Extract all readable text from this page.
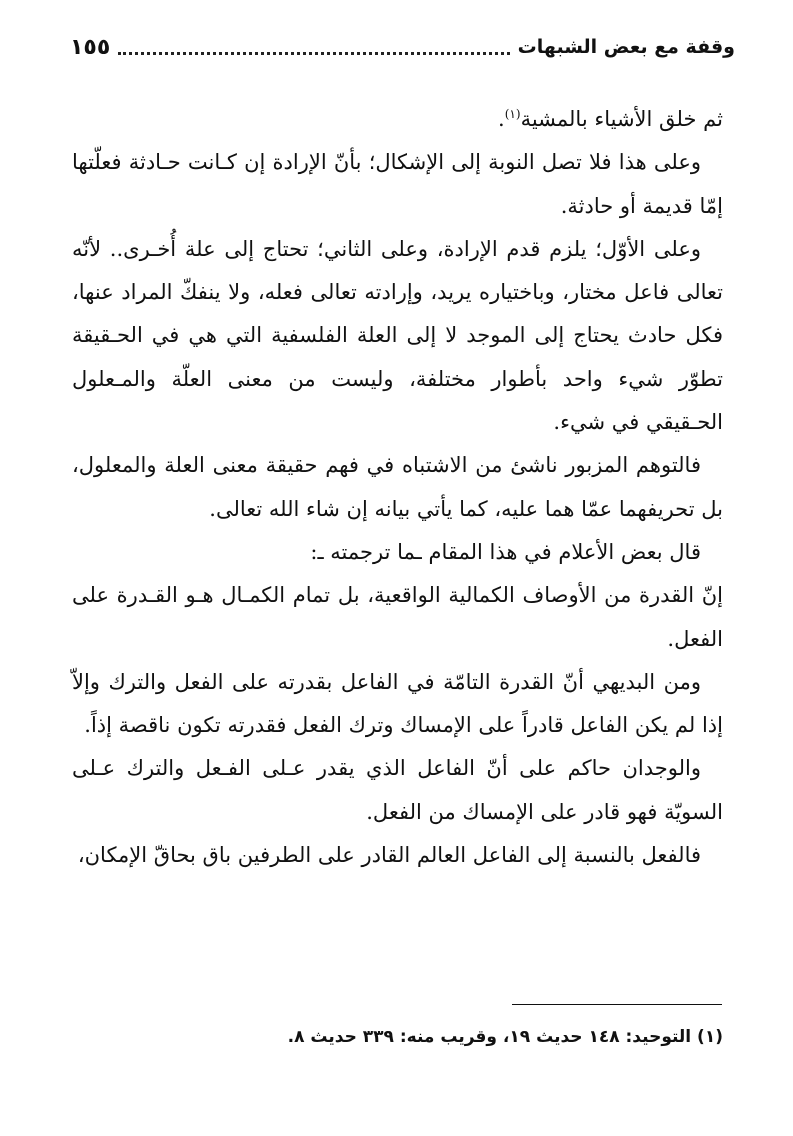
وقفة مع بعض الشبهات
١٥٥

ثم خلق الأشياء بالمشية$^{(١)}$.

وعلى هذا فلا تصل النوبة إلى الإشكال؛ بأنّ الإرادة إن كـانت حـادثة فعلّتها إمّا قديمة أو حادثة.

وعلى الأوّل؛ يلزم قدم الإرادة، وعلى الثاني؛ تحتاج إلى علة أُخـرى.. لأنّه تعالى فاعل مختار، وباختياره يريد، وإرادته تعالى فعله، ولا ينفكّ المراد عنها، فكل حادث يحتاج إلى الموجد لا إلى العلة الفلسفية التي هي في الحـقيقة تطوّر شيء واحد بأطوار مختلفة، وليست من معنى العلّة والمـعلول الحـقيقي في شيء.

فالتوهم المزبور ناشئ من الاشتباه في فهم حقيقة معنى العلة والمعلول، بل تحريفهما عمّا هما عليه، كما يأتي بيانه إن شاء الله تعالى.

قال بعض الأعلام في هذا المقام ـما ترجمته ـ:

إنّ القدرة من الأوصاف الكمالية الواقعية، بل تمام الكمـال هـو القـدرة على الفعل.

ومن البديهي أنّ القدرة التامّة في الفاعل بقدرته على الفعل والترك وإلاّ إذا لم يكن الفاعل قادراً على الإمساك وترك الفعل فقدرته تكون ناقصة إذاً.

والوجدان حاكم على أنّ الفاعل الذي يقدر عـلى الفـعل والترك عـلى السويّة فهو قادر على الإمساك من الفعل.

فالفعل بالنسبة إلى الفاعل العالم القادر على الطرفين باق بحاقّ الإمكان،

(١) التوحيد: ١٤٨ حديث ١٩، وقريب منه: ٣٣٩ حديث ٨.
